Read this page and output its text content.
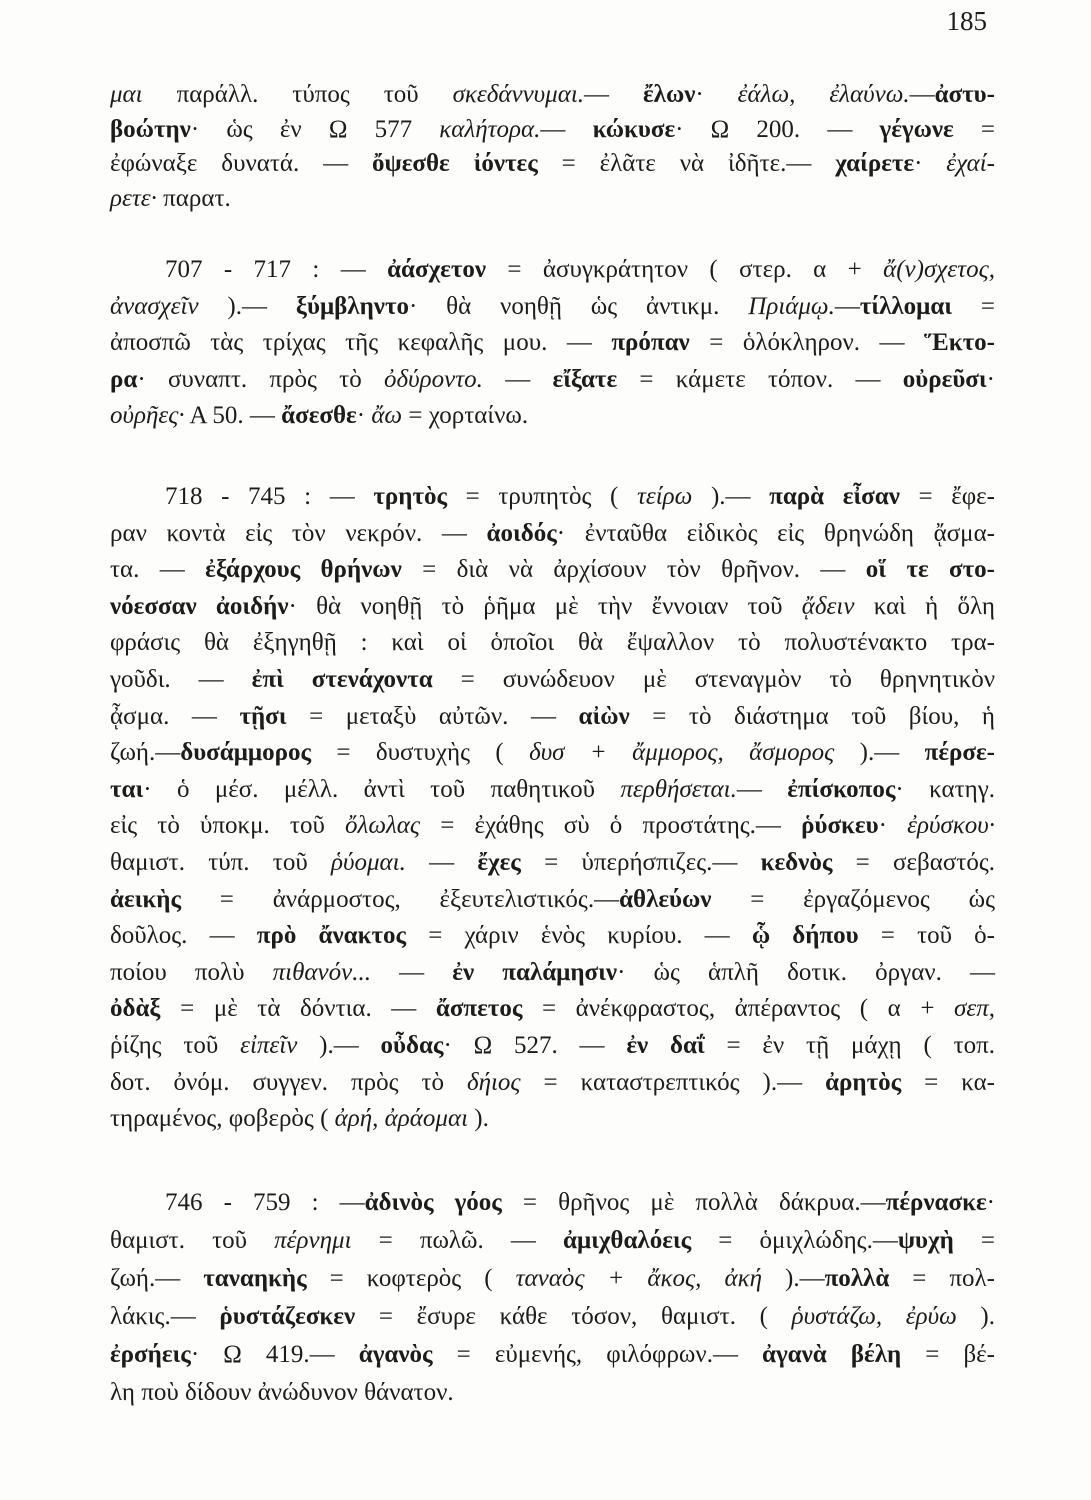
185
μαι παράλλ. τύπος τοῦ σκεδάννυμαι.— ἔλων· ἐάλω, ἐλαύνω.—ἀστυ-
βοώτην· ὡς ἐν Ω 577 καλήτορα.— κώκυσε· Ω 200. — γέγωνε =
ἐφώναξε δυνατά. — ὄψεσθε ἰόντες = ἐλᾶτε νὰ ἰδῆτε.— χαίρετε· ἐχαί-
ρετε· παρατ.
707 - 717 : — ἀάσχετον = ἀσυγκράτητον ( στερ. α + ἄ(ν)σχετος,
ἀνασχεῖν ).— ξύμβληντο· θὰ νοηθῇ ὡς ἀντικμ. Πριάμῳ.—τίλλομαι =
ἀποσπῶ τὰς τρίχας τῆς κεφαλῆς μου. — πρόπαν = ὁλόκληρον. — Ἕκτο-
ρα· συναπτ. πρὸς τὸ ὀδύροντο. — εἴξατε = κάμετε τόπον. — οὐρεῦσι·
οὐρῆες· Α 50. — ἄσεσθε· ἄω = χορταίνω.
718 - 745 : — τρητὸς = τρυπητὸς ( τείρω ).— παρὰ εἶσαν = ἔφε-
ραν κοντὰ εἰς τὸν νεκρόν. — ἀοιδός· ἐνταῦθα εἰδικὸς εἰς θρηνώδη ᾄσμα-
τα. — ἐξάρχους θρήνων = διὰ νὰ ἀρχίσουν τὸν θρῆνον. — οἵ τε στο-
νόεσσαν ἀοιδήν· θὰ νοηθῇ τὸ ῥῆμα μὲ τὴν ἔννοιαν τοῦ ᾄδειν καὶ ἡ ὅλη
φράσις θὰ ἐξηγηθῇ : καὶ οἱ ὁποῖοι θὰ ἔψαλλον τὸ πολυστένακτο τρα-
γοῦδι. — ἐπὶ στενάχοντα = συνώδευον μὲ στεναγμὸν τὸ θρηνητικὸν
ᾆσμα. — τῇσι = μεταξὺ αὐτῶν. — αἰὼν = τὸ διάστημα τοῦ βίου, ἡ
ζωή.—δυσάμμορος = δυστυχὴς ( δυσ + ἄμμορος, ἄσμορος ).— πέρσε-
ται· ὁ μέσ. μέλλ. ἀντὶ τοῦ παθητικοῦ περθήσεται.— ἐπίσκοπος· κατηγ.
εἰς τὸ ὑποκμ. τοῦ ὄλωλας = ἐχάθης σὺ ὁ προστάτης.— ῥύσκευ· ἐρύσκου·
θαμιστ. τύπ. τοῦ ῥύομαι. — ἔχες = ὑπερήσπιζες.— κεδνὸς = σεβαστός.
ἀεικὴς = ἀνάρμοστος, ἐξευτελιστικός.—ἀθλεύων = ἐργαζόμενος ὡς
δοῦλος. — πρὸ ἄνακτος = χάριν ἑνὸς κυρίου. — ᾧ δήπου = τοῦ ὁ-
ποίου πολὺ πιθανόν... — ἐν παλάμησιν· ὡς ἁπλῆ δοτικ. ὀργαν. —
ὀδὰξ = μὲ τὰ δόντια. — ἄσπετος = ἀνέκφραστος, ἀπέραντος ( α + σεπ,
ῥίζης τοῦ εἰπεῖν ).— οὖδας· Ω 527. — ἐν δαΐ = ἐν τῇ μάχῃ ( τοπ.
δοτ. ὀνόμ. συγγεν. πρὸς τὸ δήιος = καταστρεπτικός ).— ἀρητὸς = κα-
τηραμένος, φοβερὸς ( ἀρή, ἀράομαι ).
746 - 759 : —ἀδινὸς γόος = θρῆνος μὲ πολλὰ δάκρυα.—πέρνασκε·
θαμιστ. τοῦ πέρνημι = πωλῶ. — ἀμιχθαλόεις = ὁμιχλώδης.—ψυχὴ =
ζωή.— ταναηκὴς = κοφτερὸς ( ταναὸς + ἄκος, ἀκή ).—πολλὰ = πολ-
λάκις.— ῥυστάζεσκεν = ἔσυρε κάθε τόσον, θαμιστ. ( ῥυστάζω, ἐρύω ).
ἐρσήεις· Ω 419.— ἀγανὸς = εὐμενής, φιλόφρων.— ἀγανὰ βέλη = βέ-
λη ποὺ δίδουν ἀνώδυνον θάνατον.
